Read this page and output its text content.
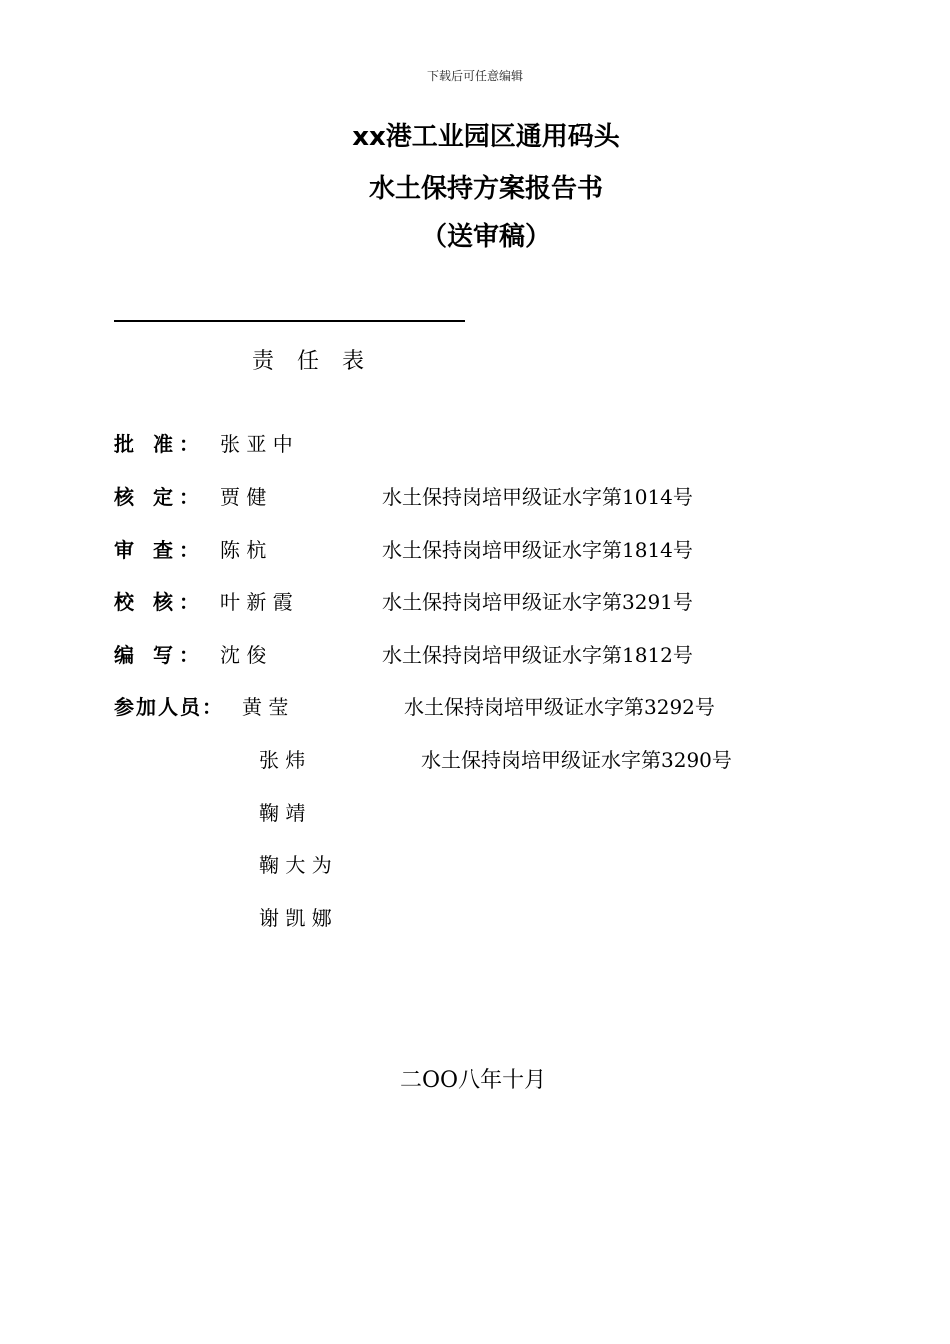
下载后可任意编辑
xx港工业园区通用码头
水土保持方案报告书
（送审稿）
责 任 表
批 准： 张 亚 中
核 定： 贾 健	水土保持岗培甲级证水字第1014号
审 查： 陈 杭	水土保持岗培甲级证水字第1814号
校 核： 叶 新 霞	水土保持岗培甲级证水字第3291号
编 写： 沈 俊	水土保持岗培甲级证水字第1812号
参加人员： 黄 莹	水土保持岗培甲级证水字第3292号
张 炜	水土保持岗培甲级证水字第3290号
鞠 靖
鞠 大 为
谢 凯 娜
二OO八年十月
